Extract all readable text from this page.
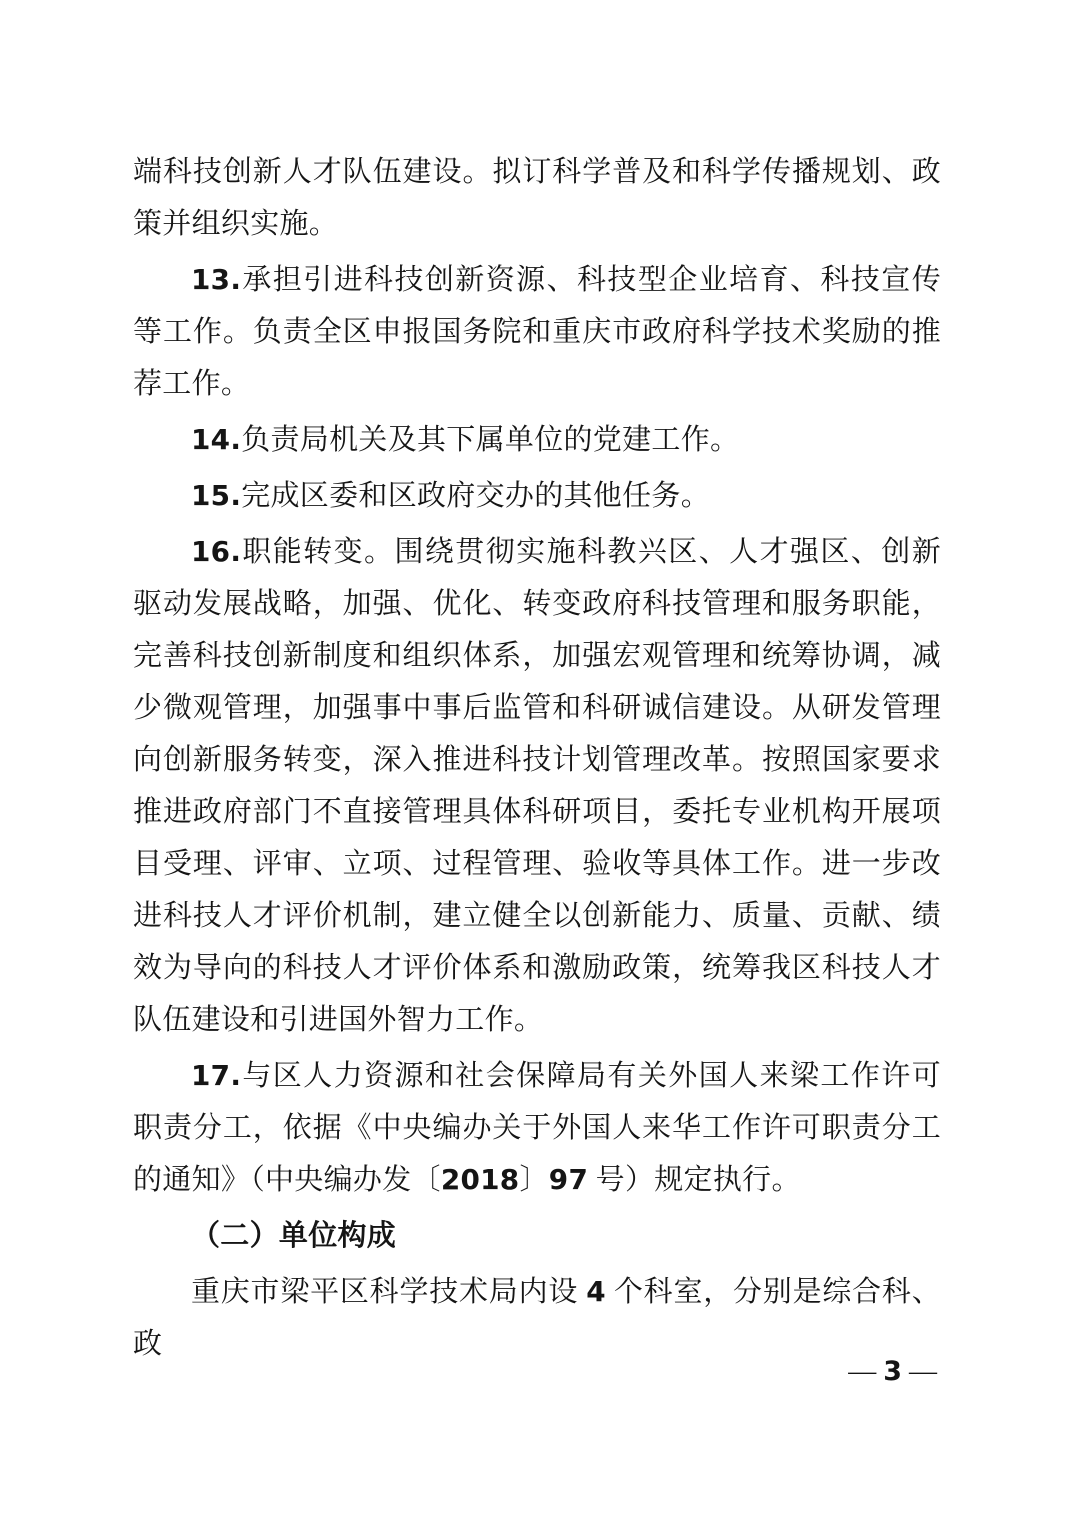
端科技创新人才队伍建设。拟订科学普及和科学传播规划、政策并组织实施。

13.承担引进科技创新资源、科技型企业培育、科技宣传等工作。负责全区申报国务院和重庆市政府科学技术奖励的推荐工作。

14.负责局机关及其下属单位的党建工作。

15.完成区委和区政府交办的其他任务。

16.职能转变。围绕贯彻实施科教兴区、人才强区、创新驱动发展战略，加强、优化、转变政府科技管理和服务职能，完善科技创新制度和组织体系，加强宏观管理和统筹协调，减少微观管理，加强事中事后监管和科研诚信建设。从研发管理向创新服务转变，深入推进科技计划管理改革。按照国家要求推进政府部门不直接管理具体科研项目，委托专业机构开展项目受理、评审、立项、过程管理、验收等具体工作。进一步改进科技人才评价机制，建立健全以创新能力、质量、贡献、绩效为导向的科技人才评价体系和激励政策，统筹我区科技人才队伍建设和引进国外智力工作。

17.与区人力资源和社会保障局有关外国人来梁工作许可职责分工，依据《中央编办关于外国人来华工作许可职责分工的通知》（中央编办发〔2018〕97 号）规定执行。

（二）单位构成

重庆市梁平区科学技术局内设 4 个科室，分别是综合科、政

— 3 —
